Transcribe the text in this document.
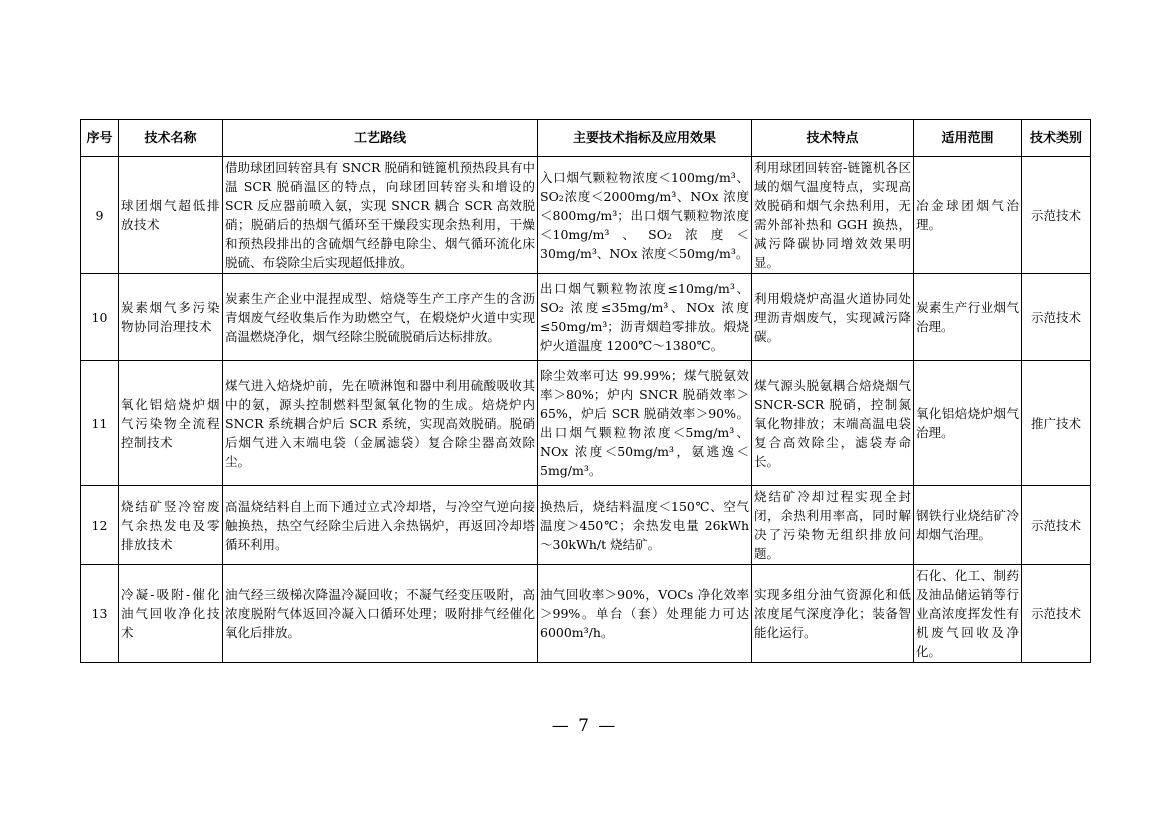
序号	技术名称	工艺路线	主要技术指标及应用效果	技术特点	适用范围	技术类别
9	球团烟气超低排放技术	借助球团回转窑具有 SNCR 脱硝和链篦机预热段具有中温 SCR 脱硝温区的特点，向球团回转窑头和增设的 SCR 反应器前喷入氨，实现 SNCR 耦合 SCR 高效脱硝；脱硝后的热烟气循环至干燥段实现余热利用，干燥和预热段排出的含硫烟气经静电除尘、烟气循环流化床脱硫、布袋除尘后实现超低排放。	入口烟气颗粒物浓度＜100mg/m³、SO₂浓度＜2000mg/m³、NOx 浓度＜800mg/m³；出口烟气颗粒物浓度＜10mg/m³、SO₂浓度＜30mg/m³、NOx 浓度＜50mg/m³。	利用球团回转窑-链篦机各区域的烟气温度特点，实现高效脱硝和烟气余热利用，无需外部补热和 GGH 换热，减污降碳协同增效效果明显。	冶金球团烟气治理。	示范技术
10	炭素烟气多污染物协同治理技术	炭素生产企业中混捏成型、焙烧等生产工序产生的含沥青烟废气经收集后作为助燃空气，在煅烧炉火道中实现高温燃烧净化，烟气经除尘脱硫脱硝后达标排放。	出口烟气颗粒物浓度≤10mg/m³、SO₂ 浓度≤35mg/m³、NOx 浓度≤50mg/m³；沥青烟趋零排放。煅烧炉火道温度 1200℃～1380℃。	利用煅烧炉高温火道协同处理沥青烟废气，实现减污降碳。	炭素生产行业烟气治理。	示范技术
11	氧化铝焙烧炉烟气污染物全流程控制技术	煤气进入焙烧炉前，先在喷淋饱和器中利用硫酸吸收其中的氨，源头控制燃料型氮氧化物的生成。焙烧炉内 SNCR 系统耦合炉后 SCR 系统，实现高效脱硝。脱硝后烟气进入末端电袋（金属滤袋）复合除尘器高效除尘。	除尘效率可达 99.99%；煤气脱氨效率＞80%；炉内 SNCR 脱硝效率＞65%，炉后 SCR 脱硝效率＞90%。出口烟气颗粒物浓度＜5mg/m³、NOx 浓度＜50mg/m³，氨逃逸＜5mg/m³。	煤气源头脱氨耦合焙烧烟气 SNCR-SCR 脱硝，控制氮氧化物排放；末端高温电袋复合高效除尘，滤袋寿命长。	氧化铝焙烧炉烟气治理。	推广技术
12	烧结矿竖冷窑废气余热发电及零排放技术	高温烧结料自上而下通过立式冷却塔，与冷空气逆向接触换热，热空气经除尘后进入余热锅炉，再返回冷却塔循环利用。	换热后，烧结料温度＜150℃、空气温度＞450℃；余热发电量 26kWh～30kWh/t 烧结矿。	烧结矿冷却过程实现全封闭，余热利用率高，同时解决了污染物无组织排放问题。	钢铁行业烧结矿冷却烟气治理。	示范技术
13	冷凝-吸附-催化油气回收净化技术	油气经三级梯次降温冷凝回收；不凝气经变压吸附，高浓度脱附气体返回冷凝入口循环处理；吸附排气经催化氧化后排放。	油气回收率＞90%，VOCs 净化效率＞99%。单台（套）处理能力可达 6000m³/h。	实现多组分油气资源化和低浓度尾气深度净化；装备智能化运行。	石化、化工、制药及油品储运销等行业高浓度挥发性有机废气回收及净化。	示范技术
— 7 —
